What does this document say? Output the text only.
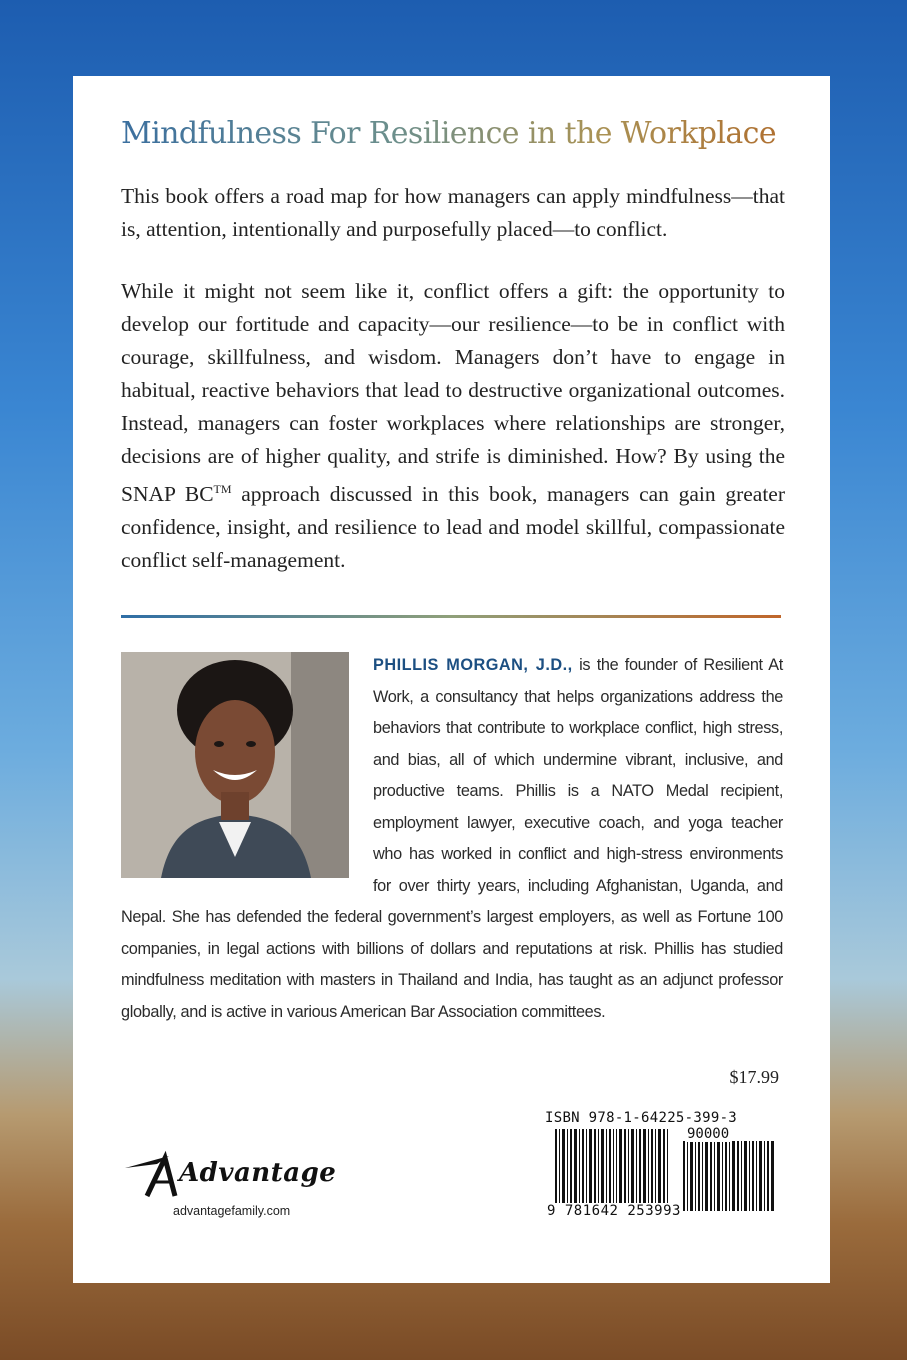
Mindfulness For Resilience in the Workplace

This book offers a road map for how managers can apply mindfulness—that is, attention, intentionally and purposefully placed—to conflict.

While it might not seem like it, conflict offers a gift: the opportunity to develop our fortitude and capacity—our resilience—to be in conflict with courage, skillfulness, and wisdom. Managers don’t have to engage in habitual, reactive behaviors that lead to destructive organizational outcomes. Instead, managers can foster workplaces where relationships are stronger, decisions are of higher quality, and strife is diminished. How? By using the SNAP BC™ approach discussed in this book, managers can gain greater confidence, insight, and resilience to lead and model skillful, compassionate conflict self-management.

PHILLIS MORGAN, J.D., is the founder of Resilient At Work, a consultancy that helps organizations address the behaviors that contribute to workplace conflict, high stress, and bias, all of which undermine vibrant, inclusive, and productive teams. Phillis is a NATO Medal recipient, employment lawyer, executive coach, and yoga teacher who has worked in conflict and high-stress environments for over thirty years, including Afghanistan, Uganda, and Nepal. She has defended the federal government’s largest employers, as well as Fortune 100 companies, in legal actions with billions of dollars and reputations at risk. Phillis has studied mindfulness meditation with masters in Thailand and India, has taught as an adjunct professor globally, and is active in various American Bar Association committees.

$17.99
ISBN 978-1-64225-399-3
90000
9 781642 253993
Advantage
advantagefamily.com
